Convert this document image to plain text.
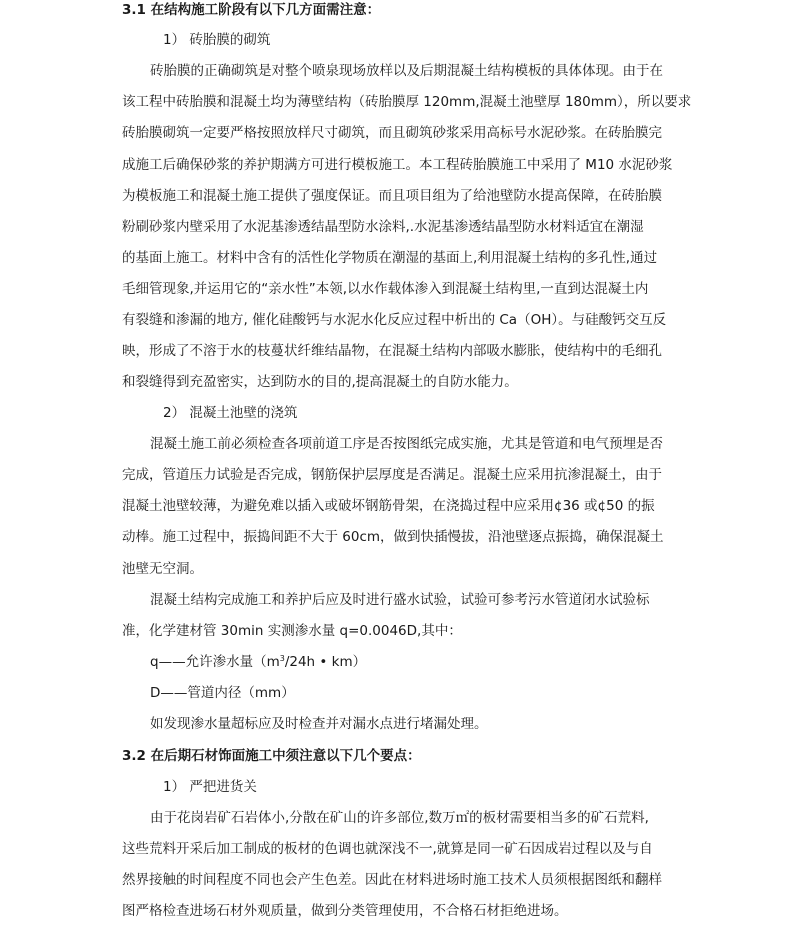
3.1 在结构施工阶段有以下几方面需注意：
1） 砖胎膜的砌筑
砖胎膜的正确砌筑是对整个喷泉现场放样以及后期混凝土结构模板的具体体现。由于在
该工程中砖胎膜和混凝土均为薄壁结构（砖胎膜厚 120mm,混凝土池壁厚 180mm），所以要求
砖胎膜砌筑一定要严格按照放样尺寸砌筑，而且砌筑砂浆采用高标号水泥砂浆。在砖胎膜完
成施工后确保砂浆的养护期满方可进行模板施工。本工程砖胎膜施工中采用了 M10 水泥砂浆
为模板施工和混凝土施工提供了强度保证。而且项目组为了给池壁防水提高保障，在砖胎膜
粉刷砂浆内壁采用了水泥基渗透结晶型防水涂料,.水泥基渗透结晶型防水材料适宜在潮湿
的基面上施工。材料中含有的活性化学物质在潮湿的基面上,利用混凝土结构的多孔性,通过
毛细管现象,并运用它的“亲水性”本领,以水作载体渗入到混凝土结构里,一直到达混凝土内
有裂缝和渗漏的地方, 催化硅酸钙与水泥水化反应过程中析出的 Ca（OH）。与硅酸钙交互反
映，形成了不溶于水的枝蔓状纤维结晶物，在混凝土结构内部吸水膨胀，使结构中的毛细孔
和裂缝得到充盈密实，达到防水的目的,提高混凝土的自防水能力。
2） 混凝土池壁的浇筑
混凝土施工前必须检查各项前道工序是否按图纸完成实施，尤其是管道和电气预埋是否
完成，管道压力试验是否完成，钢筋保护层厚度是否满足。混凝土应采用抗渗混凝土，由于
混凝土池壁较薄，为避免难以插入或破坏钢筋骨架，在浇捣过程中应采用¢36 或¢50 的振
动棒。施工过程中，振捣间距不大于 60cm，做到快插慢拔，沿池壁逐点振捣，确保混凝土
池壁无空洞。
混凝土结构完成施工和养护后应及时进行盛水试验，试验可参考污水管道闭水试验标
准，化学建材管 30min 实测渗水量 q=0.0046D,其中：
q——允许渗水量（$m^3/24h$ • km）
D——管道内径（mm）
如发现渗水量超标应及时检查并对漏水点进行堵漏处理。
3.2 在后期石材饰面施工中须注意以下几个要点：
1） 严把进货关
由于花岗岩矿石岩体小,分散在矿山的许多部位,数万㎡的板材需要相当多的矿石荒料,
这些荒料开采后加工制成的板材的色调也就深浅不一,就算是同一矿石因成岩过程以及与自
然界接触的时间程度不同也会产生色差。因此在材料进场时施工技术人员须根据图纸和翻样
图严格检查进场石材外观质量，做到分类管理使用，不合格石材拒绝进场。
